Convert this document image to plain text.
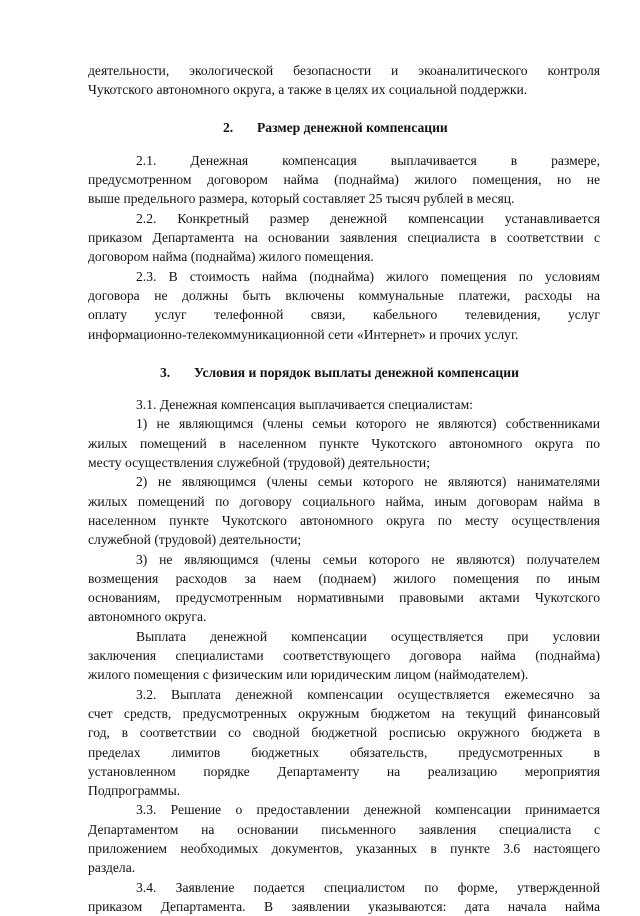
деятельности, экологической безопасности и экоаналитического контроля

Чукотского автономного округа, а также в целях их социальной поддержки.

2. Размер денежной компенсации

2.1. Денежная компенсация выплачивается в размере,

предусмотренном договором найма (поднайма) жилого помещения, но не

выше предельного размера, который составляет 25 тысяч рублей в месяц.

2.2. Конкретный размер денежной компенсации устанавливается

приказом Департамента на основании заявления специалиста в соответствии с

договором найма (поднайма) жилого помещения.

2.3. В стоимость найма (поднайма) жилого помещения по условиям

договора не должны быть включены коммунальные платежи, расходы на

оплату услуг телефонной связи, кабельного телевидения, услуг

информационно-телекоммуникационной сети «Интернет» и прочих услуг.

3. Условия и порядок выплаты денежной компенсации

3.1. Денежная компенсация выплачивается специалистам:

1) не являющимся (члены семьи которого не являются) собственниками

жилых помещений в населенном пункте Чукотского автономного округа по

месту осуществления служебной (трудовой) деятельности;

2) не являющимся (члены семьи которого не являются) нанимателями

жилых помещений по договору социального найма, иным договорам найма в

населенном пункте Чукотского автономного округа по месту осуществления

служебной (трудовой) деятельности;

3) не являющимся (члены семьи которого не являются) получателем

возмещения расходов за наем (поднаем) жилого помещения по иным

основаниям, предусмотренным нормативными правовыми актами Чукотского

автономного округа.

Выплата денежной компенсации осуществляется при условии

заключения специалистами соответствующего договора найма (поднайма)

жилого помещения с физическим или юридическим лицом (наймодателем).

3.2. Выплата денежной компенсации осуществляется ежемесячно за

счет средств, предусмотренных окружным бюджетом на текущий финансовый

год, в соответствии со сводной бюджетной росписью окружного бюджета в

пределах лимитов бюджетных обязательств, предусмотренных в

установленном порядке Департаменту на реализацию мероприятия

Подпрограммы.

3.3. Решение о предоставлении денежной компенсации принимается

Департаментом на основании письменного заявления специалиста с

приложением необходимых документов, указанных в пункте 3.6 настоящего

раздела.

3.4. Заявление подается специалистом по форме, утвержденной

приказом Департамента. В заявлении указываются: дата начала найма
